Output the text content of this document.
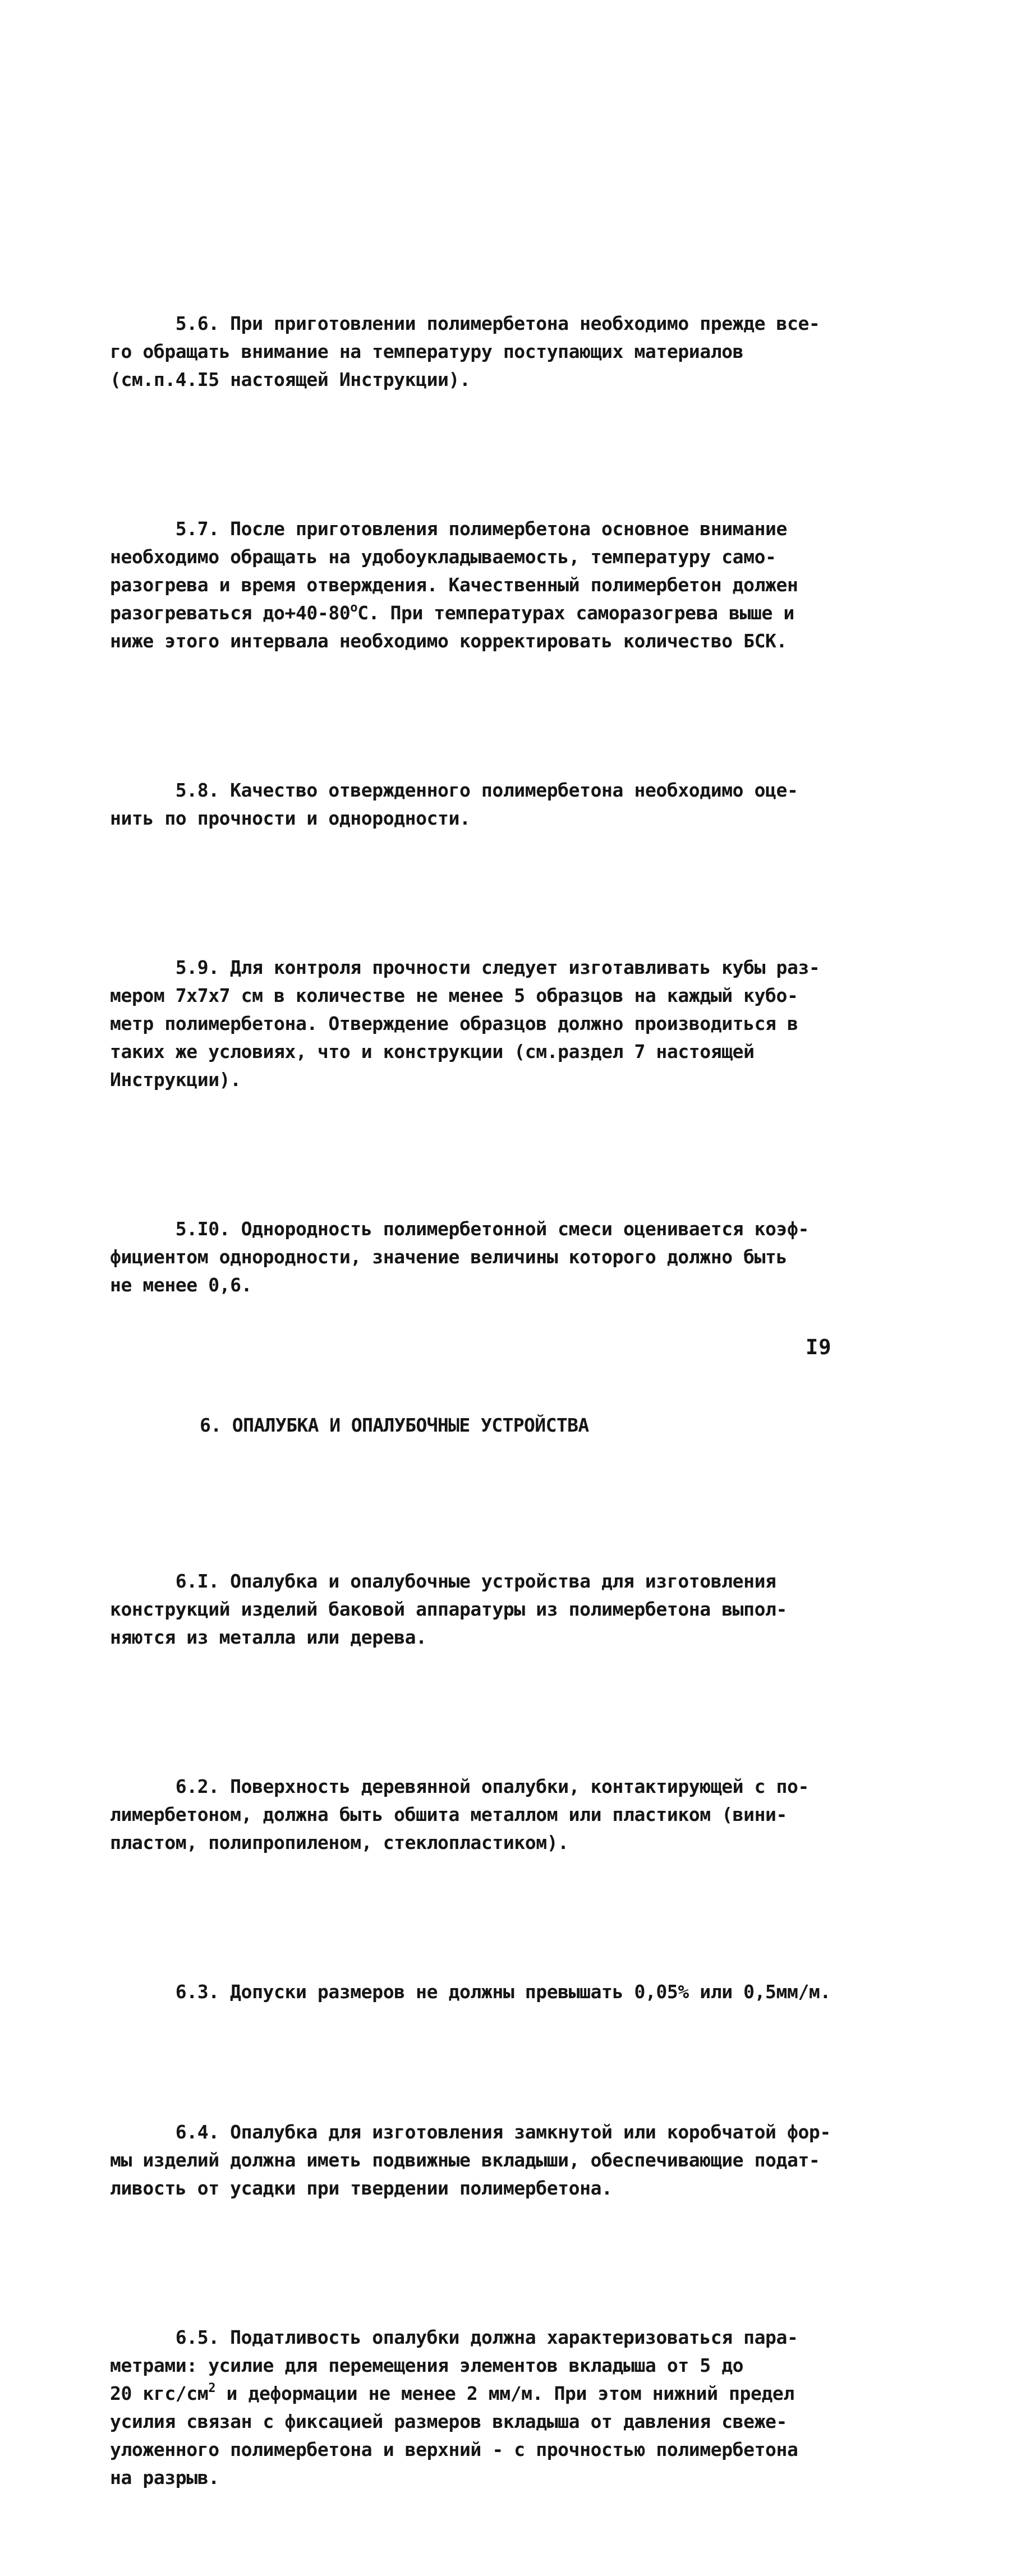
5.6. При приготовлении полимербетона необходимо прежде все-
го обращать внимание на температуру поступающих материалов
(см.п.4.I5 настоящей Инструкции).

5.7. После приготовления полимербетона основное внимание
необходимо обращать на удобоукладываемость, температуру само-
разогрева и время отверждения. Качественный полимербетон должен
разогреваться $до+40-80^оС$. При температурах саморазогрева выше и
ниже этого интервала необходимо корректировать количество БСК.

5.8. Качество отвержденного полимербетона необходимо оце-
нить по прочности и однородности.

5.9. Для контроля прочности следует изготавливать кубы раз-
мером 7х7х7 см в количестве не менее 5 образцов на каждый кубо-
метр полимербетона. Отверждение образцов должно производиться в
таких же условиях, что и конструкции (см.раздел 7 настоящей
Инструкции).

5.I0. Однородность полимербетонной смеси оценивается коэф-
фициентом однородности, значение величины которого должно быть
не менее 0,6.

6. ОПАЛУБКА И ОПАЛУБОЧНЫЕ УСТРОЙСТВА

6.I. Опалубка и опалубочные устройства для изготовления
конструкций изделий баковой аппаратуры из полимербетона выпол-
няются из металла или дерева.

6.2. Поверхность деревянной опалубки, контактирующей с по-
лимербетоном, должна быть обшита металлом или пластиком (вини-
пластом, полипропиленом, стеклопластиком).

6.3. Допуски размеров не должны превышать 0,05% или 0,5мм/м.

6.4. Опалубка для изготовления замкнутой или коробчатой фор-
мы изделий должна иметь подвижные вкладыши, обеспечивающие подат-
ливость от усадки при твердении полимербетона.

6.5. Податливость опалубки должна характеризоваться пара-
метрами: усилие для перемещения элементов вкладыша от 5 до
20 кгс/$см^2$ и деформации не менее 2 мм/м. При этом нижний предел
усилия связан с фиксацией размеров вкладыша от давления свеже-
уложенного полимербетона и верхний - с прочностью полимербетона
на разрыв.

I9
